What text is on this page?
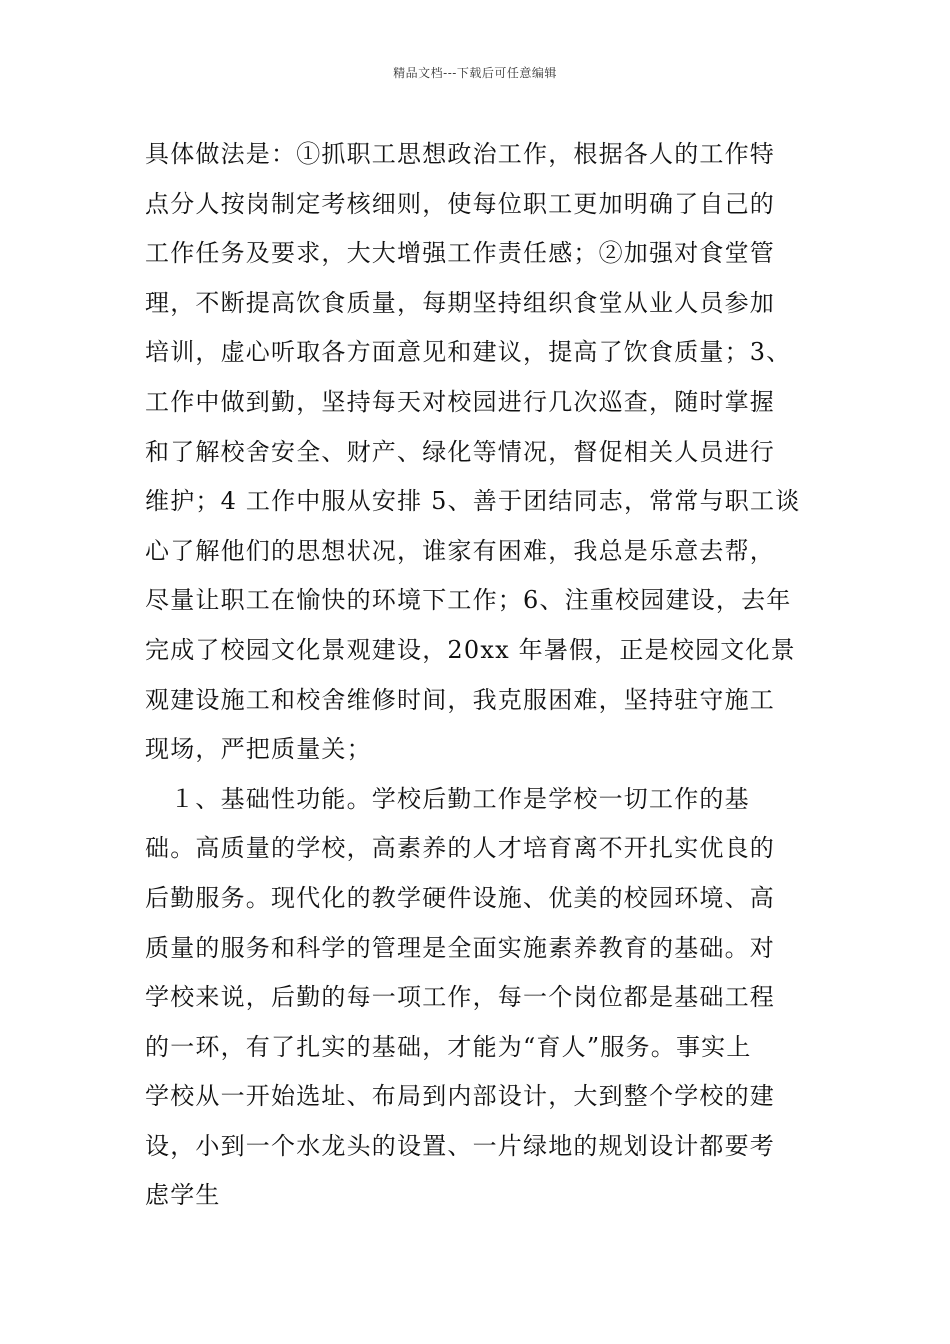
精品文档---下载后可任意编辑
具体做法是：①抓职工思想政治工作，根据各人的工作特
点分人按岗制定考核细则，使每位职工更加明确了自己的
工作任务及要求，大大增强工作责任感；②加强对食堂管
理，不断提高饮食质量，每期坚持组织食堂从业人员参加
培训，虚心听取各方面意见和建议，提高了饮食质量；3、
工作中做到勤，坚持每天对校园进行几次巡查，随时掌握
和了解校舍安全、财产、绿化等情况，督促相关人员进行
维护；4 工作中服从安排 5、善于团结同志，常常与职工谈
心了解他们的思想状况，谁家有困难，我总是乐意去帮，
尽量让职工在愉快的环境下工作；6、注重校园建设，去年
完成了校园文化景观建设，20xx 年暑假，正是校园文化景
观建设施工和校舍维修时间，我克服困难，坚持驻守施工
现场，严把质量关；
　１、基础性功能。学校后勤工作是学校一切工作的基
础。高质量的学校，高素养的人才培育离不开扎实优良的
后勤服务。现代化的教学硬件设施、优美的校园环境、高
质量的服务和科学的管理是全面实施素养教育的基础。对
学校来说，后勤的每一项工作，每一个岗位都是基础工程
的一环，有了扎实的基础，才能为“育人”服务。事实上
学校从一开始选址、布局到内部设计，大到整个学校的建
设，小到一个水龙头的设置、一片绿地的规划设计都要考
虑学生
